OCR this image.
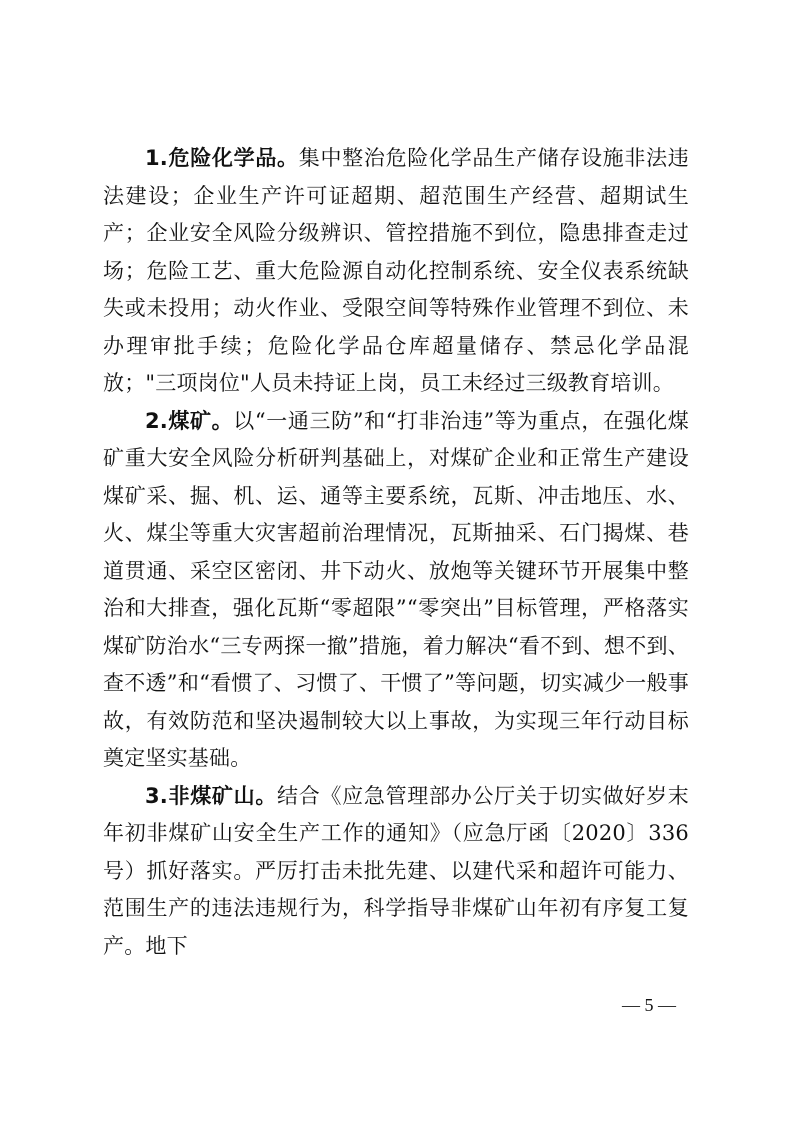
1.危险化学品。集中整治危险化学品生产储存设施非法违法建设；企业生产许可证超期、超范围生产经营、超期试生产；企业安全风险分级辨识、管控措施不到位，隐患排查走过场；危险工艺、重大危险源自动化控制系统、安全仪表系统缺失或未投用；动火作业、受限空间等特殊作业管理不到位、未办理审批手续；危险化学品仓库超量储存、禁忌化学品混放；"三项岗位"人员未持证上岗，员工未经过三级教育培训。

2.煤矿。以“一通三防”和“打非治违”等为重点，在强化煤矿重大安全风险分析研判基础上，对煤矿企业和正常生产建设煤矿采、掘、机、运、通等主要系统，瓦斯、冲击地压、水、火、煤尘等重大灾害超前治理情况，瓦斯抽采、石门揭煤、巷道贯通、采空区密闭、井下动火、放炮等关键环节开展集中整治和大排查，强化瓦斯“零超限”“零突出”目标管理，严格落实煤矿防治水“三专两探一撤”措施，着力解决“看不到、想不到、查不透”和“看惯了、习惯了、干惯了”等问题，切实减少一般事故，有效防范和坚决遏制较大以上事故，为实现三年行动目标奠定坚实基础。

3.非煤矿山。结合《应急管理部办公厅关于切实做好岁末年初非煤矿山安全生产工作的通知》（应急厅函〔2020〕336号）抓好落实。严厉打击未批先建、以建代采和超许可能力、范围生产的违法违规行为，科学指导非煤矿山年初有序复工复产。地下

— 5 —
